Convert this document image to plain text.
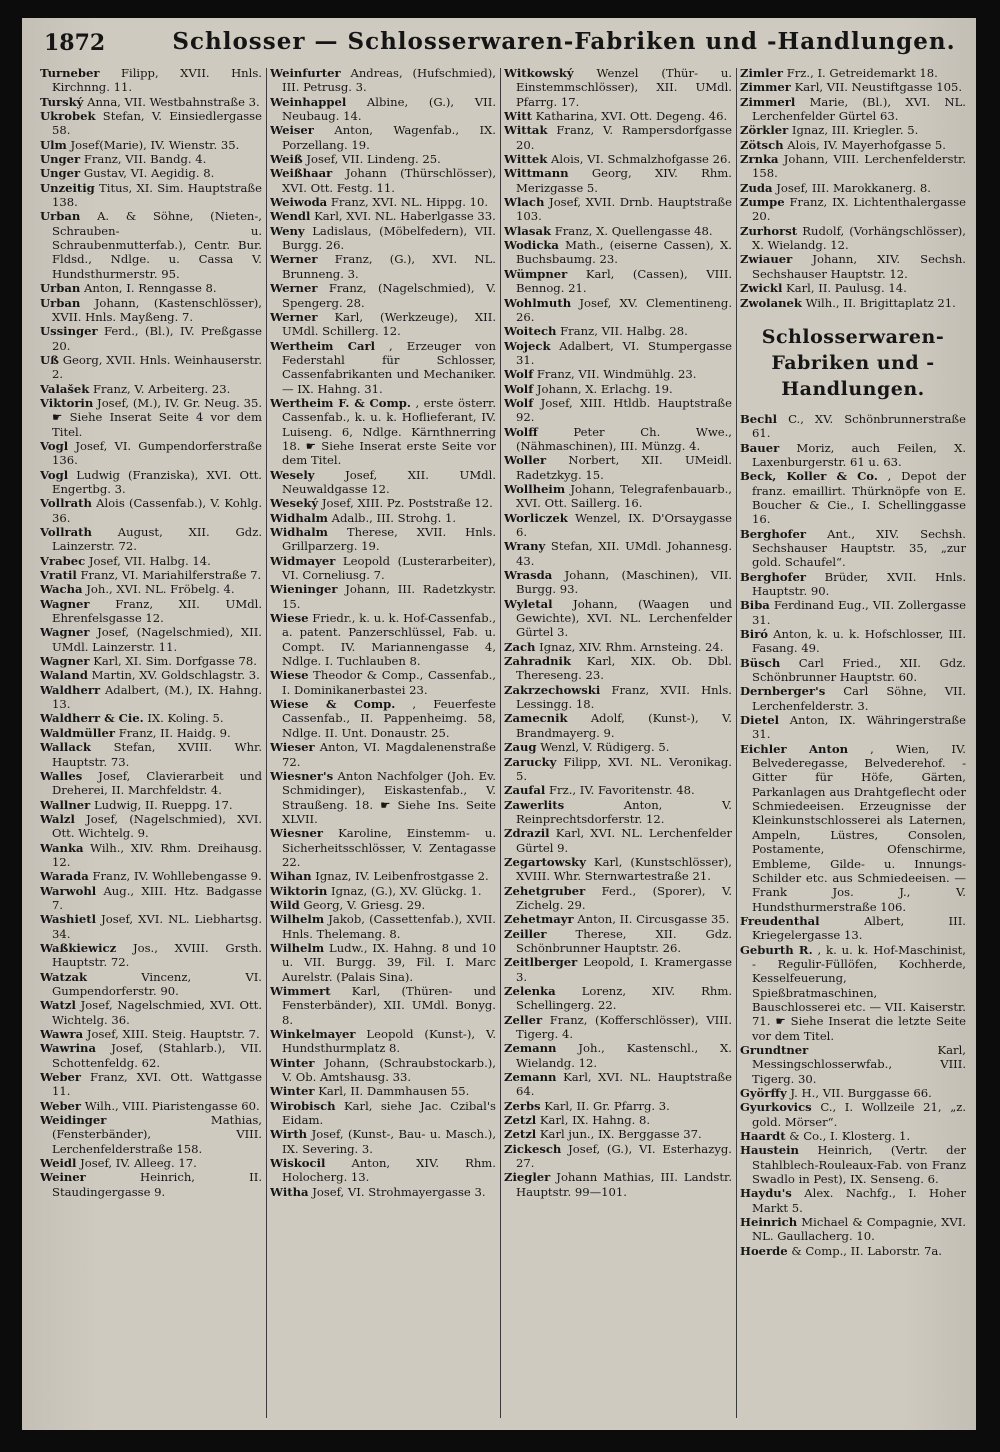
1872	Schlosser — Schlosserwaren-Fabriken und -Handlungen.

Turneber Filipp, XVII. Hnls. Kirchnng. 11.

Turský Anna, VII. Westbahnstraße 3.

Ukrobek Stefan, V. Einsiedlergasse 58.

Ulm Josef(Marie), IV. Wienstr. 35.

Unger Franz, VII. Bandg. 4.

Unger Gustav, VI. Aegidig. 8.

Unzeitig Titus, XI. Sim. Hauptstraße 138.

Urban A. & Söhne, (Nieten-, Schrauben- u. Schraubenmutterfab.), Centr. Bur. Fldsd., Ndlge. u. Cassa V. Hundsthurmerstr. 95.

Urban Anton, I. Renngasse 8.

Urban Johann, (Kastenschlösser), XVII. Hnls. Mayßeng. 7.

Ussinger Ferd., (Bl.), IV. Preßgasse 20.

Uß Georg, XVII. Hnls. Weinhauserstr. 2.

Valašek Franz, V. Arbeiterg. 23.

Viktorin Josef, (M.), IV. Gr. Neug. 35. ☛ Siehe Inserat Seite 4 vor dem Titel.

Vogl Josef, VI. Gumpendorferstraße 136.

Vogl Ludwig (Franziska), XVI. Ott. Engertbg. 3.

Vollrath Alois (Cassenfab.), V. Kohlg. 36.

Vollrath August, XII. Gdz. Lainzerstr. 72.

Vrabec Josef, VII. Halbg. 14.

Vratil Franz, VI. Mariahilferstraße 7.

Wacha Joh., XVI. NL. Fröbelg. 4.

Wagner Franz, XII. UMdl. Ehrenfelsgasse 12.

Wagner Josef, (Nagelschmied), XII. UMdl. Lainzerstr. 11.

Wagner Karl, XI. Sim. Dorfgasse 78.

Waland Martin, XV. Goldschlagstr. 3.

Waldherr Adalbert, (M.), IX. Hahng. 13.

Waldherr & Cie. IX. Koling. 5.

Waldmüller Franz, II. Haidg. 9.

Wallack Stefan, XVIII. Whr. Hauptstr. 73.

Walles Josef, Clavierarbeit und Dreherei, II. Marchfeldstr. 4.

Wallner Ludwig, II. Rueppg. 17.

Walzl Josef, (Nagelschmied), XVI. Ott. Wichtelg. 9.

Wanka Wilh., XIV. Rhm. Dreihausg. 12.

Warada Franz, IV. Wohllebengasse 9.

Warwohl Aug., XIII. Htz. Badgasse 7.

Washietl Josef, XVI. NL. Liebhartsg. 34.

Waßkiewicz Jos., XVIII. Grsth. Hauptstr. 72.

Watzak	Vincenz, VI. Gumpendorferstr. 90.

Watzl Josef, Nagelschmied, XVI. Ott. Wichtelg. 36.

Wawra Josef, XIII. Steig. Hauptstr. 7.

Wawrina Josef, (Stahlarb.), VII. Schottenfeldg. 62.

Weber Franz, XVI. Ott. Wattgasse 11.

Weber Wilh., VIII. Piaristengasse 60.

Weidinger	Mathias, (Fensterbänder), VIII. Lerchenfelderstraße 158.

Weidl Josef, IV. Alleeg. 17.

Weiner	Heinrich, II. Staudingergasse 9.

Weinfurter Andreas, (Hufschmied), III. Petrusg. 3.

Weinhappel Albine, (G.), VII. Neubaug. 14.

Weiser Anton, Wagenfab., IX. Porzellang. 19.

Weiß Josef, VII. Lindeng. 25.

Weißhaar Johann (Thürschlösser), XVI. Ott. Festg. 11.

Weiwoda Franz, XVI. NL. Hippg. 10.

Wendl Karl, XVI. NL. Haberlgasse 33.

Weny Ladislaus, (Möbelfedern), VII. Burgg. 26.

Werner Franz, (G.), XVI. NL. Brunneng. 3.

Werner Franz, (Nagelschmied), V. Spengerg. 28.

Werner Karl, (Werkzeuge), XII. UMdl. Schillerg. 12.

Wertheim Carl , Erzeuger von Federstahl für Schlosser, Cassenfabrikanten und Mechaniker. — IX. Hahng. 31.

Wertheim F. & Comp. , erste österr. Cassenfab., k. u. k. Hoflieferant, IV. Luiseng. 6, Ndlge. Kärnthnerring 18. ☛ Siehe Inserat erste Seite vor dem Titel.

Wesely	Josef, XII. UMdl. Neuwaldgasse 12.

Weseký Josef, XIII. Pz. Poststraße 12.

Widhalm Adalb., III. Strohg. 1.

Widhalm Therese, XVII. Hnls. Grillparzerg. 19.

Widmayer Leopold (Lusterarbeiter), VI. Corneliusg. 7.

Wieninger Johann, III. Radetzkystr. 15.

Wiese Friedr., k. u. k. Hof-Cassenfab., a. patent. Panzerschlüssel, Fab. u. Compt. IV. Mariannengasse 4, Ndlge. I. Tuchlauben 8.

Wiese Theodor & Comp., Cassenfab., I. Dominikanerbastei 23.

Wiese & Comp. , Feuerfeste Cassenfab., II. Pappenheimg. 58, Ndlge. II. Unt. Donaustr. 25.

Wieser Anton, VI. Magdalenenstraße 72.

Wiesner's Anton Nachfolger (Joh. Ev. Schmidinger), Eiskastenfab., V. Straußeng. 18. ☛ Siehe Ins. Seite XLVII.

Wiesner Karoline, Einstemm- u. Sicherheitsschlösser, V. Zentagasse 22.

Wihan Ignaz, IV. Leibenfrostgasse 2.

Wiktorin Ignaz, (G.), XV. Glückg. 1.

Wild Georg, V. Griesg. 29.

Wilhelm Jakob, (Cassettenfab.), XVII. Hnls. Thelemang. 8.

Wilhelm Ludw., IX. Hahng. 8 und 10 u. VII. Burgg. 39, Fil. I. Marc Aurelstr. (Palais Sina).

Wimmert Karl, (Thüren- und Fensterbänder), XII. UMdl. Bonyg. 8.

Winkelmayer Leopold (Kunst-), V. Hundsthurmplatz 8.

Winter Johann, (Schraubstockarb.), V. Ob. Amtshausg. 33.

Winter Karl, II. Dammhausen 55.

Wirobisch Karl, siehe Jac. Czibal's Eidam.

Wirth Josef, (Kunst-, Bau- u. Masch.), IX. Severing. 3.

Wiskocil Anton, XIV. Rhm. Holocherg. 13.

Witha Josef, VI. Strohmayergasse 3.

Witkowský Wenzel (Thür- u. Einstemmschlösser), XII. UMdl. Pfarrg. 17.

Witt Katharina, XVI. Ott. Degeng. 46.

Wittak Franz, V. Rampersdorfgasse 20.

Wittek Alois, VI. Schmalzhofgasse 26.

Wittmann Georg, XIV. Rhm. Merizgasse 5.

Wlach Josef, XVII. Drnb. Hauptstraße 103.

Wlasak Franz, X. Quellengasse 48.

Wodicka Math., (eiserne Cassen), X. Buchsbaumg. 23.

Wümpner Karl, (Cassen), VIII. Bennog. 21.

Wohlmuth Josef, XV. Clementineng. 26.

Woitech Franz, VII. Halbg. 28.

Wojeck Adalbert, VI. Stumpergasse 31.

Wolf Franz, VII. Windmühlg. 23.

Wolf Johann, X. Erlachg. 19.

Wolf Josef, XIII. Htldb. Hauptstraße 92.

Wolff	Peter Ch. Wwe., (Nähmaschinen), III. Münzg. 4.

Woller Norbert, XII. UMeidl. Radetzkyg. 15.

Wollheim Johann, Telegrafenbauarb., XVI. Ott. Saillerg. 16.

Worliczek Wenzel, IX. D'Orsaygasse 6.

Wrany Stefan, XII. UMdl. Johannesg. 43.

Wrasda Johann, (Maschinen), VII. Burgg. 93.

Wyletal Johann, (Waagen und Gewichte), XVI. NL. Lerchenfelder Gürtel 3.

Zach Ignaz, XIV. Rhm. Arnsteing. 24.

Zahradnik Karl, XIX. Ob. Dbl. Thereseng. 23.

Zakrzechowski Franz, XVII. Hnls. Lessingg. 18.

Zamecnik Adolf, (Kunst-), V. Brandmayerg. 9.

Zaug Wenzl, V. Rüdigerg. 5.

Zarucky Filipp, XVI. NL. Veronikag. 5.

Zaufal Frz., IV. Favoritenstr. 48.

Zawerlits	Anton, V. Reinprechtsdorferstr. 12.

Zdrazil Karl, XVI. NL. Lerchenfelder Gürtel 9.

Zegartowsky Karl, (Kunstschlösser), XVIII. Whr. Sternwartestraße 21.

Zehetgruber Ferd., (Sporer), V. Zichelg. 29.

Zehetmayr Anton, II. Circusgasse 35.

Zeiller Therese, XII. Gdz. Schönbrunner Hauptstr. 26.

Zeitlberger Leopold, I. Kramergasse 3.

Zelenka Lorenz, XIV. Rhm. Schellingerg. 22.

Zeller Franz, (Kofferschlösser), VIII. Tigerg. 4.

Zemann Joh., Kastenschl., X. Wielandg. 12.

Zemann Karl, XVI. NL. Hauptstraße 64.

Zerbs Karl, II. Gr. Pfarrg. 3.

Zetzl Karl, IX. Hahng. 8.

Zetzl Karl jun., IX. Berggasse 37.

Zickesch Josef, (G.), VI. Esterhazyg. 27.

Ziegler Johann Mathias, III. Landstr. Hauptstr. 99—101.

Zimler Frz., I. Getreidemarkt 18.

Zimmer Karl, VII. Neustiftgasse 105.

Zimmerl Marie, (Bl.), XVI. NL. Lerchenfelder Gürtel 63.

Zörkler Ignaz, III. Kriegler. 5.

Zötsch Alois, IV. Mayerhofgasse 5.

Zrnka Johann, VIII. Lerchenfelderstr. 158.

Zuda Josef, III. Marokkanerg. 8.

Zumpe Franz, IX. Lichtenthalergasse 20.

Zurhorst Rudolf, (Vorhängschlösser), X. Wielandg. 12.

Zwiauer Johann, XIV. Sechsh. Sechshauser Hauptstr. 12.

Zwickl Karl, II. Paulusg. 14.

Zwolanek Wilh., II. Brigittaplatz 21.

Schlosserwaren-Fabriken und -Handlungen.

Bechl C., XV. Schönbrunnerstraße 61.

Bauer Moriz, auch Feilen, X. Laxenburgerstr. 61 u. 63.

Beck, Koller & Co. , Depot der franz. emaillirt. Thürknöpfe von E. Boucher & Cie., I. Schellinggasse 16.

Berghofer Ant., XIV. Sechsh. Sechshauser Hauptstr. 35, „zur gold. Schaufel“.

Berghofer Brüder, XVII. Hnls. Hauptstr. 90.

Biba Ferdinand Eug., VII. Zollergasse 31.

Biró Anton, k. u. k. Hofschlosser, III. Fasang. 49.

Büsch Carl Fried., XII. Gdz. Schönbrunner Hauptstr. 60.

Dernberger's Carl Söhne, VII. Lerchenfelderstr. 3.

Dietel Anton, IX. Währingerstraße 31.

Eichler Anton , Wien, IV. Belvederegasse, Belvederehof. - Gitter für Höfe, Gärten, Parkanlagen aus Drahtgeflecht oder Schmiedeeisen. Erzeugnisse der Kleinkunstschlosserei als Laternen, Ampeln, Lüstres, Consolen, Postamente, Ofenschirme, Embleme, Gilde- u. Innungs-Schilder etc. aus Schmiedeeisen. — Frank Jos. J., V. Hundsthurmerstraße 106.

Freudenthal	Albert, III. Kriegelergasse 13.

Geburth R. , k. u. k. Hof-Maschinist, - Regulir-Füllöfen, Kochherde, Kesselfeuerung, Spießbratmaschinen, Bauschlosserei etc. — VII. Kaiserstr. 71. ☛ Siehe Inserat die letzte Seite vor dem Titel.

Grundtner	Karl, Messingschlosserwfab., VIII. Tigerg. 30.

Györffy J. H., VII. Burggasse 66.

Gyurkovics C., I. Wollzeile 21, „z. gold. Mörser“.

Haardt & Co., I. Klosterg. 1.

Haustein Heinrich, (Vertr. der Stahlblech-Rouleaux-Fab. von Franz Swadlo in Pest), IX. Senseng. 6.

Haydu's Alex. Nachfg., I. Hoher Markt 5.

Heinrich Michael & Compagnie, XVI. NL. Gaullacherg. 10.

Hoerde & Comp., II. Laborstr. 7a.
